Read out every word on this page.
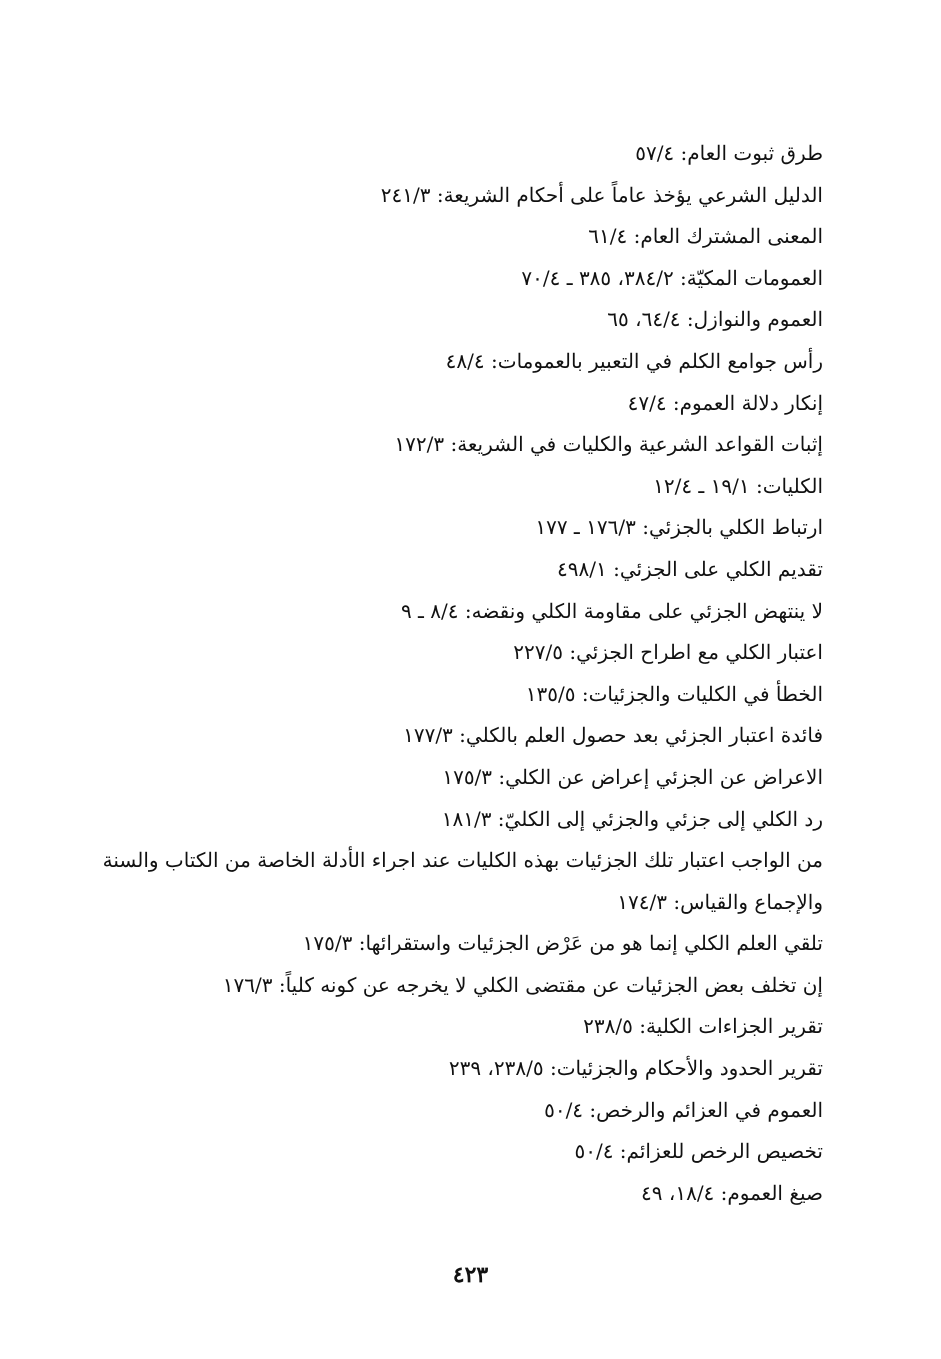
طرق ثبوت العام: ٥٧/٤
الدليل الشرعي يؤخذ عاماً على أحكام الشريعة: ٢٤١/٣
المعنى المشترك العام: ٦١/٤
العمومات المكيّة: ٣٨٤/٢، ٣٨٥ ـ ٧٠/٤
العموم والنوازل: ٦٤/٤، ٦٥
رأس جوامع الكلم في التعبير بالعمومات: ٤٨/٤
إنكار دلالة العموم: ٤٧/٤
إثبات القواعد الشرعية والكليات في الشريعة: ١٧٢/٣
الكليات: ١٩/١ ـ ١٢/٤
ارتباط الكلي بالجزئي: ١٧٦/٣ ـ ١٧٧
تقديم الكلي على الجزئي: ٤٩٨/١
لا ينتهض الجزئي على مقاومة الكلي ونقضه: ٨/٤ ـ ٩
اعتبار الكلي مع اطراح الجزئي: ٢٢٧/٥
الخطأ في الكليات والجزئيات: ١٣٥/٥
فائدة اعتبار الجزئي بعد حصول العلم بالكلي: ١٧٧/٣
الاعراض عن الجزئي إعراض عن الكلي: ١٧٥/٣
رد الكلي إلى جزئي والجزئي إلى الكليّ: ١٨١/٣
من الواجب اعتبار تلك الجزئيات بهذه الكليات عند اجراء الأدلة الخاصة من الكتاب والسنة
والإجماع والقياس: ١٧٤/٣
تلقي العلم الكلي إنما هو من عَرْض الجزئيات واستقرائها: ١٧٥/٣
إن تخلف بعض الجزئيات عن مقتضى الكلي لا يخرجه عن كونه كلياً: ١٧٦/٣
تقرير الجزاءات الكلية: ٢٣٨/٥
تقرير الحدود والأحكام والجزئيات: ٢٣٨/٥، ٢٣٩
العموم في العزائم والرخص: ٥٠/٤
تخصيص الرخص للعزائم: ٥٠/٤
صيغ العموم: ١٨/٤، ٤٩
٤٢٣
